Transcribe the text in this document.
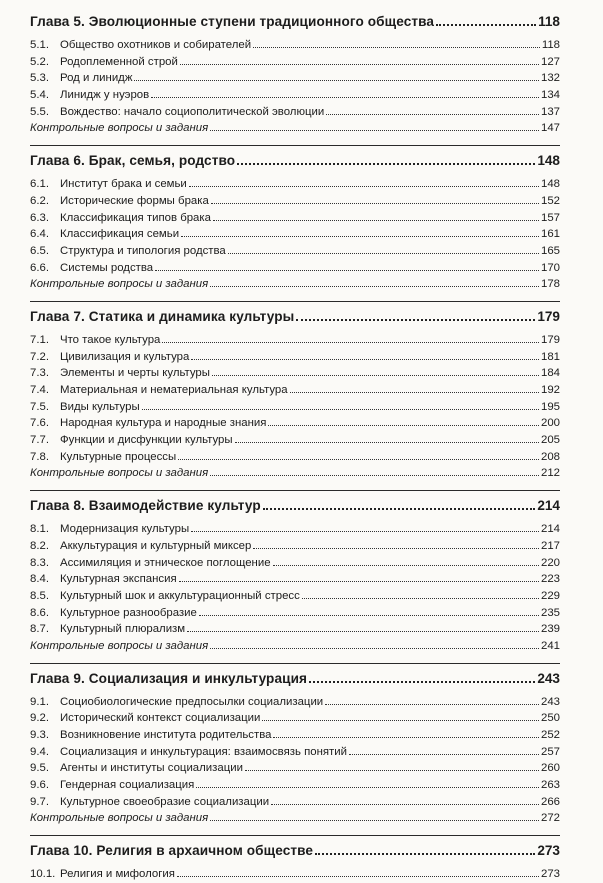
Глава 5. Эволюционные ступени традиционного общества	118
5.1. Общество охотников и собирателей	118
5.2. Родоплеменной строй	127
5.3. Род и линидж	132
5.4. Линидж у нуэров	134
5.5. Вождество: начало социополитической эволюции	137
Контрольные вопросы и задания	147
Глава 6. Брак, семья, родство	148
6.1. Институт брака и семьи	148
6.2. Исторические формы брака	152
6.3. Классификация типов брака	157
6.4. Классификация семьи	161
6.5. Структура и типология родства	165
6.6. Системы родства	170
Контрольные вопросы и задания	178
Глава 7. Статика и динамика культуры	179
7.1. Что такое культура	179
7.2. Цивилизация и культура	181
7.3. Элементы и черты культуры	184
7.4. Материальная и нематериальная культура	192
7.5. Виды культуры	195
7.6. Народная культура и народные знания	200
7.7. Функции и дисфункции культуры	205
7.8. Культурные процессы	208
Контрольные вопросы и задания	212
Глава 8. Взаимодействие культур	214
8.1. Модернизация культуры	214
8.2. Аккультурация и культурный миксер	217
8.3. Ассимиляция и этническое поглощение	220
8.4. Культурная экспансия	223
8.5. Культурный шок и аккультурационный стресс	229
8.6. Культурное разнообразие	235
8.7. Культурный плюрализм	239
Контрольные вопросы и задания	241
Глава 9. Социализация и инкультурация	243
9.1. Социобиологические предпосылки социализации	243
9.2. Исторический контекст социализации	250
9.3. Возникновение института родительства	252
9.4. Социализация и инкультурация: взаимосвязь понятий	257
9.5. Агенты и институты социализации	260
9.6. Гендерная социализация	263
9.7. Культурное своеобразие социализации	266
Контрольные вопросы и задания	272
Глава 10. Религия в архаичном обществе	273
10.1. Религия и мифология	273
